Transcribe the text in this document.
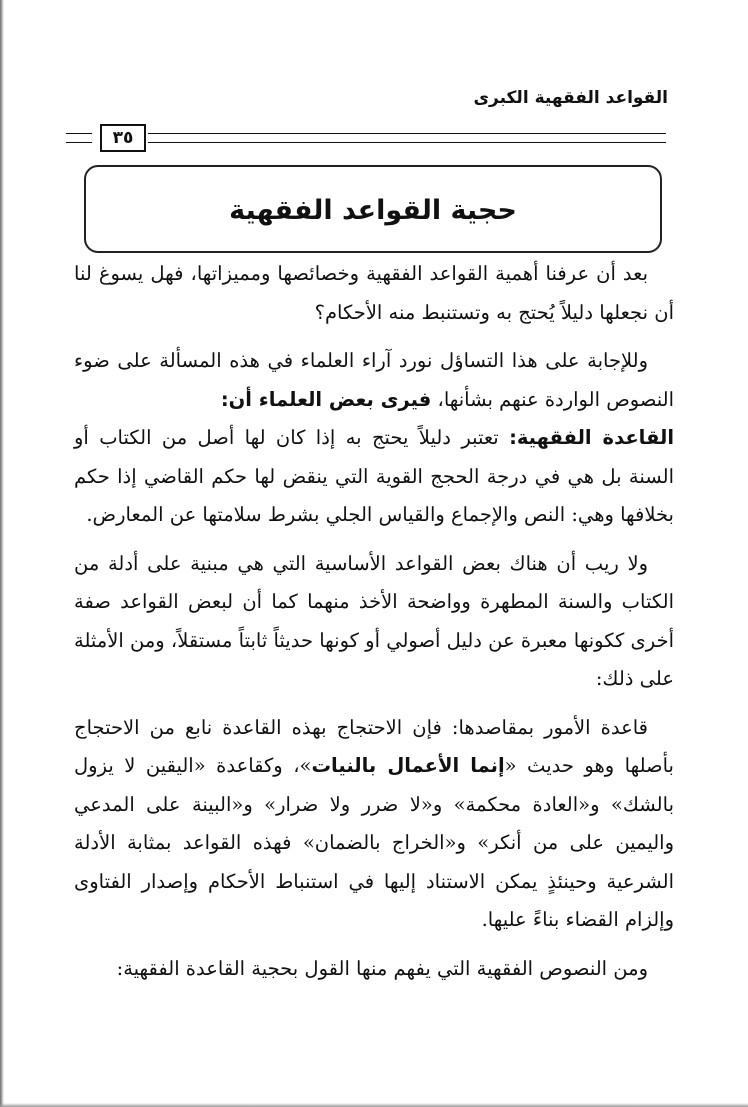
القواعد الفقهية الكبرى
٣٥
حجية القواعد الفقهية

بعد أن عرفنا أهمية القواعد الفقهية وخصائصها ومميزاتها، فهل يسوغ لنا أن نجعلها دليلاً يُحتج به وتستنبط منه الأحكام؟

وللإجابة على هذا التساؤل نورد آراء العلماء في هذه المسألة على ضوء النصوص الواردة عنهم بشأنها، فيرى بعض العلماء أن:

القاعدة الفقهية: تعتبر دليلاً يحتج به إذا كان لها أصل من الكتاب أو السنة بل هي في درجة الحجج القوية التي ينقض لها حكم القاضي إذا حكم بخلافها وهي: النص والإجماع والقياس الجلي بشرط سلامتها عن المعارض.

ولا ريب أن هناك بعض القواعد الأساسية التي هي مبنية على أدلة من الكتاب والسنة المطهرة وواضحة الأخذ منهما كما أن لبعض القواعد صفة أخرى ككونها معبرة عن دليل أصولي أو كونها حديثاً ثابتاً مستقلاً، ومن الأمثلة على ذلك:

قاعدة الأمور بمقاصدها: فإن الاحتجاج بهذه القاعدة نابع من الاحتجاج بأصلها وهو حديث «إنما الأعمال بالنيات»، وكقاعدة «اليقين لا يزول بالشك» و«العادة محكمة» و«لا ضرر ولا ضرار» و«البينة على المدعي واليمين على من أنكر» و«الخراج بالضمان» فهذه القواعد بمثابة الأدلة الشرعية وحينئذٍ يمكن الاستناد إليها في استنباط الأحكام وإصدار الفتاوى وإلزام القضاء بناءً عليها.

ومن النصوص الفقهية التي يفهم منها القول بحجية القاعدة الفقهية:
